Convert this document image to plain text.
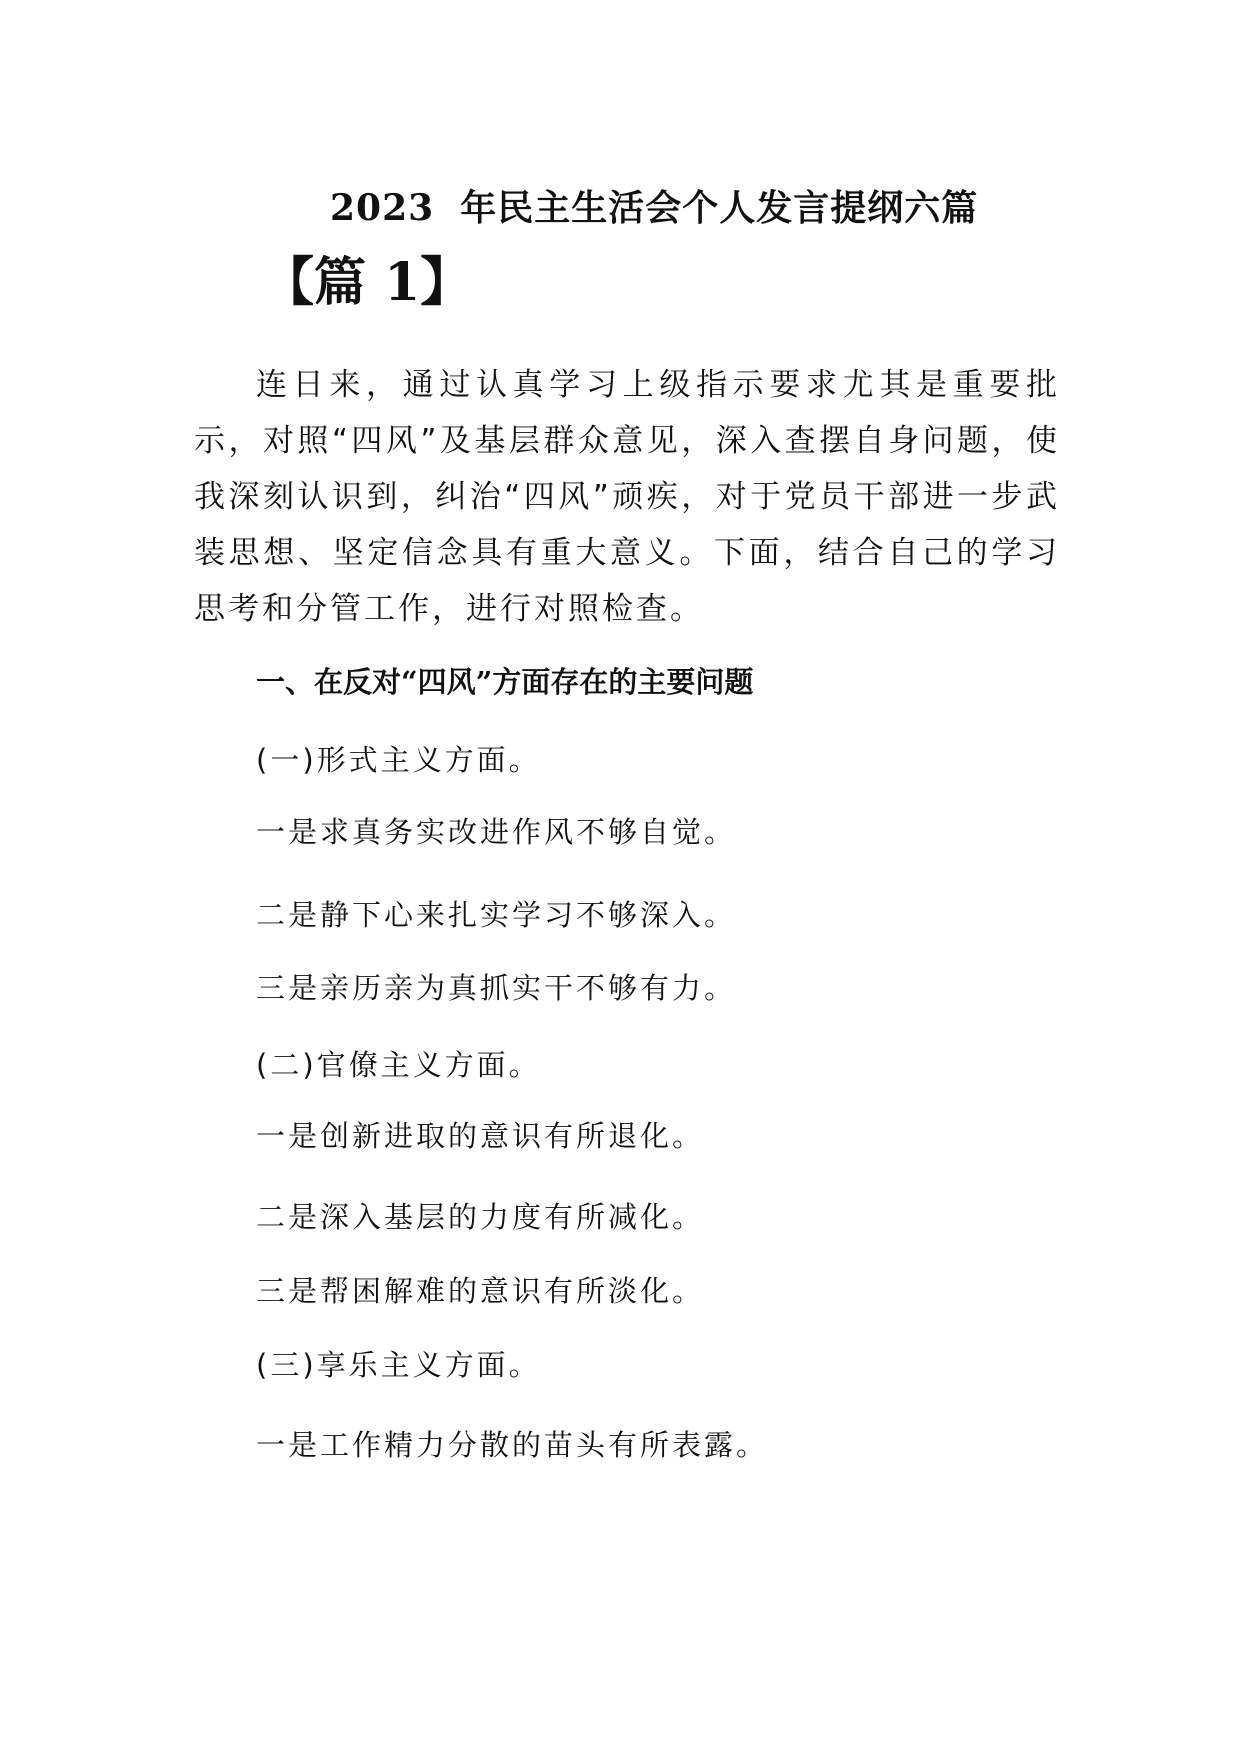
2023 年民主生活会个人发言提纲六篇
【篇 1】
连日来，通过认真学习上级指示要求尤其是重要批示，对照“四风”及基层群众意见，深入查摆自身问题，使我深刻认识到，纠治“四风”顽疾，对于党员干部进一步武装思想、坚定信念具有重大意义。下面，结合自己的学习思考和分管工作，进行对照检查。
一、在反对“四风”方面存在的主要问题
(一)形式主义方面。
一是求真务实改进作风不够自觉。
二是静下心来扎实学习不够深入。
三是亲历亲为真抓实干不够有力。
(二)官僚主义方面。
一是创新进取的意识有所退化。
二是深入基层的力度有所减化。
三是帮困解难的意识有所淡化。
(三)享乐主义方面。
一是工作精力分散的苗头有所表露。
